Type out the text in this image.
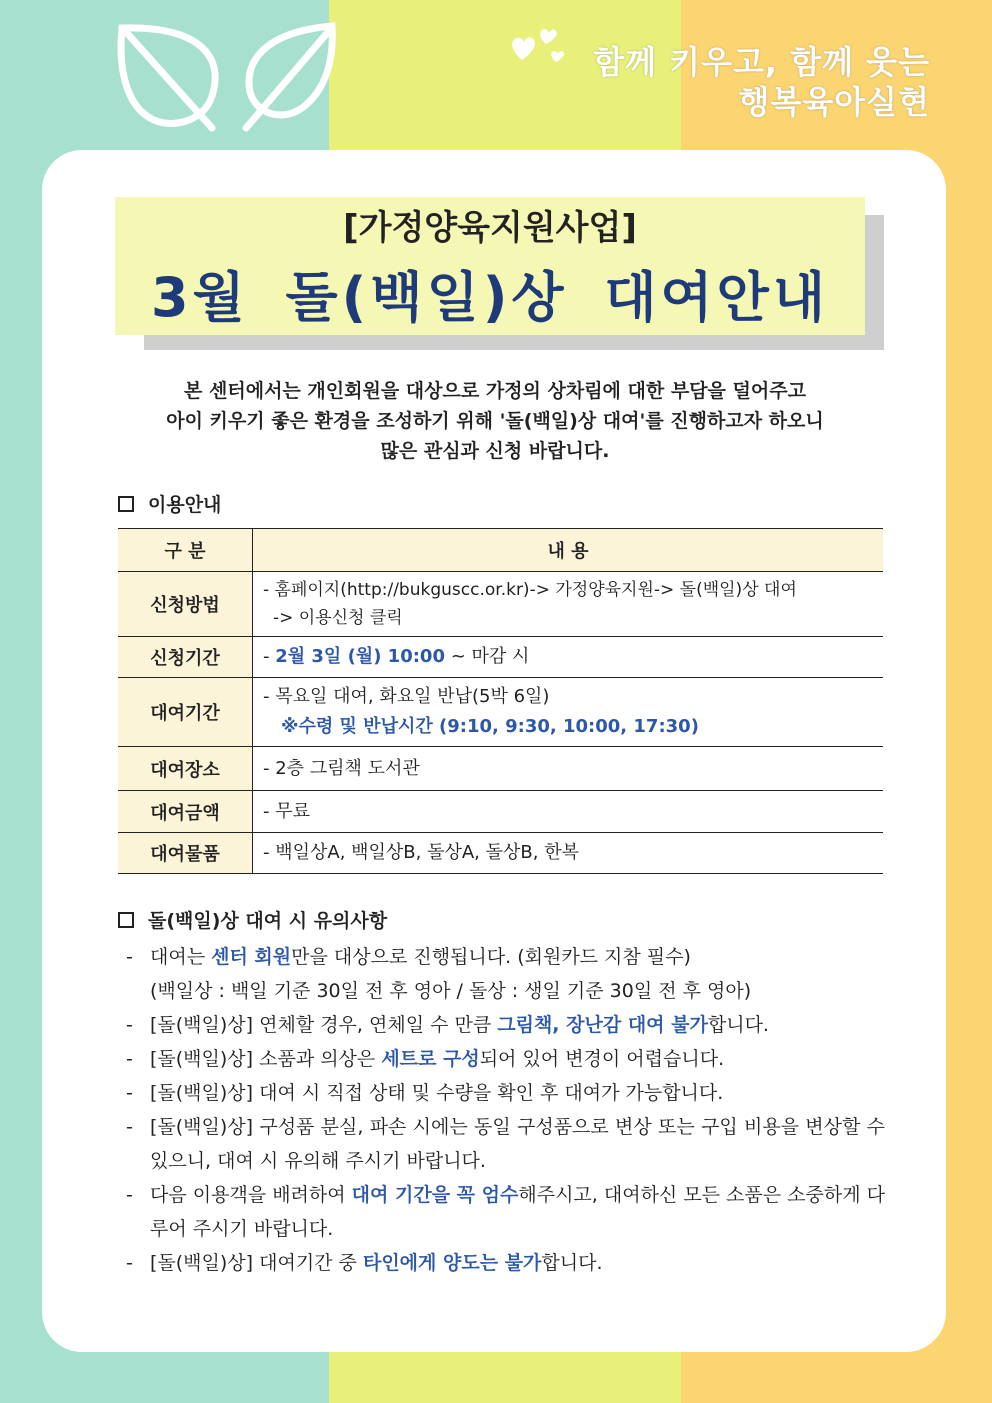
함께 키우고, 함께 웃는
행복육아실현
[가정양육지원사업]
3월 돌(백일)상 대여안내
본 센터에서는 개인회원을 대상으로 가정의 상차림에 대한 부담을 덜어주고
아이 키우기 좋은 환경을 조성하기 위해 '돌(백일)상 대여'를 진행하고자 하오니
많은 관심과 신청 바랍니다.
이용안내
구 분	내 용
신청방법	- 홈페이지(http://bukguscc.or.kr)-> 가정양육지원-> 돌(백일)상 대여
-> 이용신청 클릭

신청기간	- 2월 3일 (월) 10:00 ~ 마감 시
대여기간	- 목요일 대여, 화요일 반납(5박 6일)
※수령 및 반납시간 (9:10, 9:30, 10:00, 17:30)

대여장소	- 2층 그림책 도서관
대여금액	- 무료
대여물품	- 백일상A, 백일상B, 돌상A, 돌상B, 한복
돌(백일)상 대여 시 유의사항
- 대여는 센터 회원만을 대상으로 진행됩니다. (회원카드 지참 필수)
(백일상 : 백일 기준 30일 전 후 영아 / 돌상 : 생일 기준 30일 전 후 영아)
- [돌(백일)상] 연체할 경우, 연체일 수 만큼 그림책, 장난감 대여 불가합니다.
- [돌(백일)상] 소품과 의상은 세트로 구성되어 있어 변경이 어렵습니다.
- [돌(백일)상] 대여 시 직접 상태 및 수량을 확인 후 대여가 가능합니다.
- [돌(백일)상] 구성품 분실, 파손 시에는 동일 구성품으로 변상 또는 구입 비용을 변상할 수 있으니, 대여 시 유의해 주시기 바랍니다.
- 다음 이용객을 배려하여 대여 기간을 꼭 엄수해주시고, 대여하신 모든 소품은 소중하게 다루어 주시기 바랍니다.
- [돌(백일)상] 대여기간 중 타인에게 양도는 불가합니다.
